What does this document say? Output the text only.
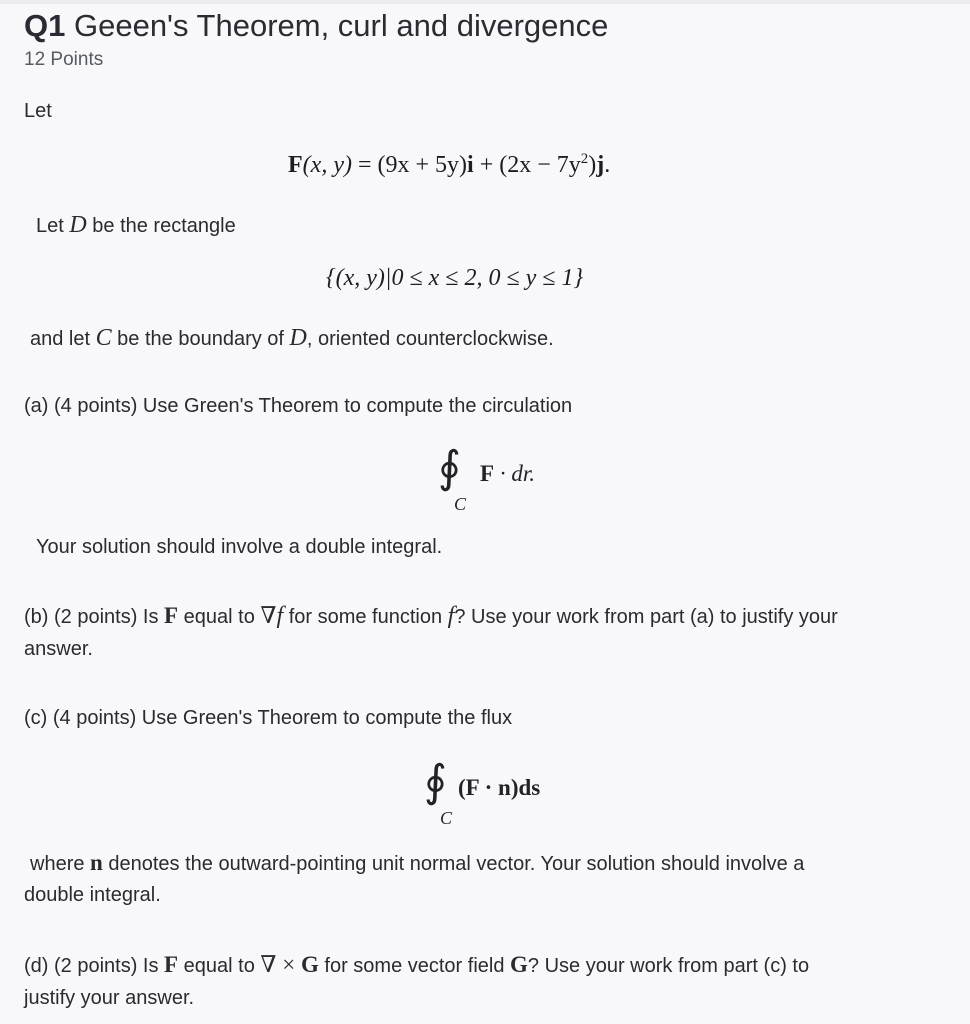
Q1 Geeen's Theorem, curl and divergence
12 Points
Let
F(x, $y) = (9x + 5y)i + (2x - 7y^2)j$.
Let D be the rectangle
{(x, y)|0 ≤ x ≤ 2, 0 ≤ y ≤ 1}
and let C be the boundary of D, oriented counterclockwise.
(a) (4 points) Use Green's Theorem to compute the circulation
∮
C
F · dr.
Your solution should involve a double integral.
(b) (2 points) Is F equal to ∇f for some function f? Use your work from part (a) to justify your
answer.
(c) (4 points) Use Green's Theorem to compute the flux
∮
C
(F · n)ds
where n denotes the outward-pointing unit normal vector. Your solution should involve a
double integral.
(d) (2 points) Is F equal to ∇ × G for some vector field G? Use your work from part (c) to
justify your answer.
